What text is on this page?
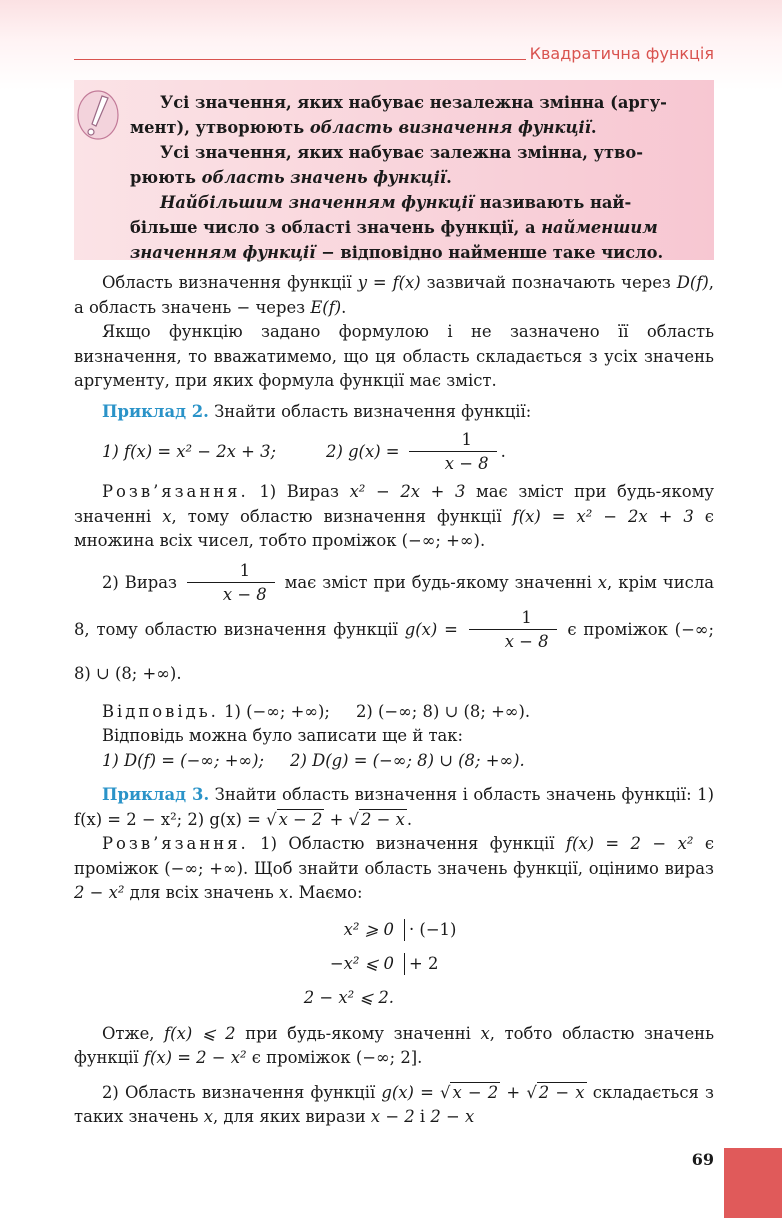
Квадратична функція

Усі значення, яких набуває незалежна змінна (аргу-

мент), утворюють область визначення функції.

Усі значення, яких набуває залежна змінна, утво-

рюють область значень функції.

Найбільшим значенням функції називають най-

більше число з області значень функції, а найменшим

значенням функції − відповідно найменше таке число.

Область визначення функції y = f(x) зазвичай позначають через D(f), а область значень − через E(f).

Якщо функцію задано формулою і не зазначено її область визначення, то вважатимемо, що ця область складається з усіх значень аргументу, при яких формула функції має зміст.

Приклад 2. Знайти область визначення функції:

1) f(x) = x² − 2x + 3;	2) $g(x) = \frac{1}{x - 8}$ .

Розв’язання. 1) Вираз x² − 2x + 3 має зміст при будь-якому значенні x, тому областю визначення функції f(x) = x² − 2x + 3 є множина всіх чисел, тобто проміжок (−∞; +∞).

2) Вираз $\frac{1}{x - 8}$ має зміст при будь-якому значенні x, крім числа 8, тому областю визначення функції $g(x) = \frac{1}{x - 8}$ є проміжок (−∞; 8) ∪ (8; +∞).

Відповідь. 1) (−∞; +∞);     2) (−∞; 8) ∪ (8; +∞).

Відповідь можна було записати ще й так:

1) D(f) = (−∞; +∞);     2) D(g) = (−∞; 8) ∪ (8; +∞).

Приклад 3. Знайти область визначення і область значень функції: 1) f(x) = 2 − x²; 2) g(x) = √ x − 2 + √ 2 − x .

Розв’язання. 1) Областю визначення функції f(x) = 2 − x² є проміжок (−∞; +∞). Щоб знайти область значень функції, оцінимо вираз 2 − x² для всіх значень x. Маємо:

x² ⩾ 0 · (−1)
−x² ⩽ 0 + 2
2 − x² ⩽ 2.

Отже, f(x) ⩽ 2 при будь-якому значенні x, тобто областю значень функції f(x) = 2 − x² є проміжок (−∞; 2].

2) Область визначення функції g(x) = √ x − 2 + √ 2 − x складається з таких значень x, для яких вирази x − 2 і 2 − x

69
